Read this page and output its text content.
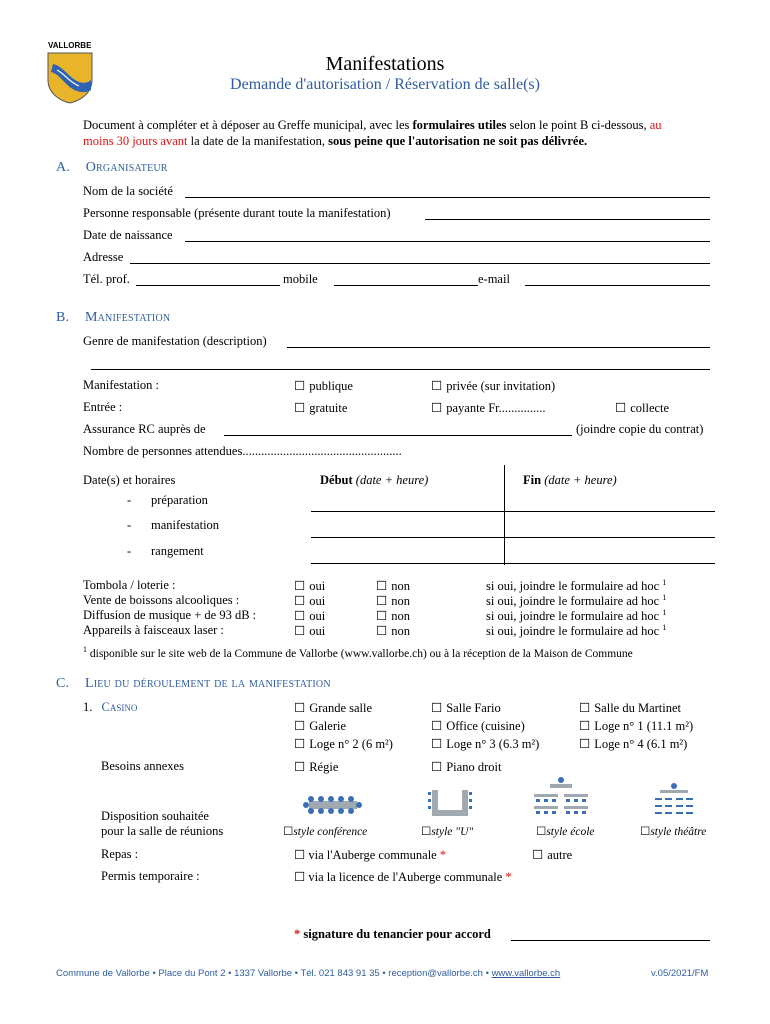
VALLORBE
Manifestations
Demande d'autorisation / Réservation de salle(s)
Document à compléter et à déposer au Greffe municipal, avec les formulaires utiles selon le point B ci-dessous, au
moins 30 jours avant la date de la manifestation, sous peine que l'autorisation ne soit pas délivrée.
A. Organisateur
Nom de la société
Personne responsable (présente durant toute la manifestation)
Date de naissance
Adresse
Tél. prof.	mobile	e-mail
B. Manifestation
Genre de manifestation (description)
Manifestation :	☐ publique	☐ privée (sur invitation)
Entrée :	☐ gratuite	☐ payante Fr...............	☐ collecte
Assurance RC auprès de	(joindre copie du contrat)
Nombre de personnes attendues...................................................
Date(s) et horaires	Début (date + heure)	Fin (date + heure)
- préparation
- manifestation
- rangement
Tombola / loterie :	☐ oui	☐ non	si oui, joindre le formulaire ad hoc $^1$
Vente de boissons alcooliques :	☐ oui	☐ non	si oui, joindre le formulaire ad hoc $^1$
Diffusion de musique + de 93 dB :	☐ oui	☐ non	si oui, joindre le formulaire ad hoc $^1$
Appareils à faisceaux laser :	☐ oui	☐ non	si oui, joindre le formulaire ad hoc $^1$
$^1$ disponible sur le site web de la Commune de Vallorbe (www.vallorbe.ch) ou à la réception de la Maison de Commune
C. Lieu du déroulement de la manifestation
1. Casino	☐ Grande salle	☐ Salle Fario	☐ Salle du Martinet
☐ Galerie	☐ Office (cuisine)	☐ Loge n° 1 (11.1 m²)
☐ Loge n° 2 (6 m²)	☐ Loge n° 3 (6.3 m²)	☐ Loge n° 4 (6.1 m²)
Besoins annexes	☐ Régie	☐ Piano droit
Disposition souhaitée
pour la salle de réunions	☐style conférence	☐style "U"	☐style école	☐style théâtre
Repas :	☐ via l'Auberge communale *	☐ autre
Permis temporaire :	☐ via la licence de l'Auberge communale *
* signature du tenancier pour accord
Commune de Vallorbe • Place du Pont 2 • 1337 Vallorbe • Tél. 021 843 91 35 • reception@vallorbe.ch • www.vallorbe.ch	v.05/2021/FM
